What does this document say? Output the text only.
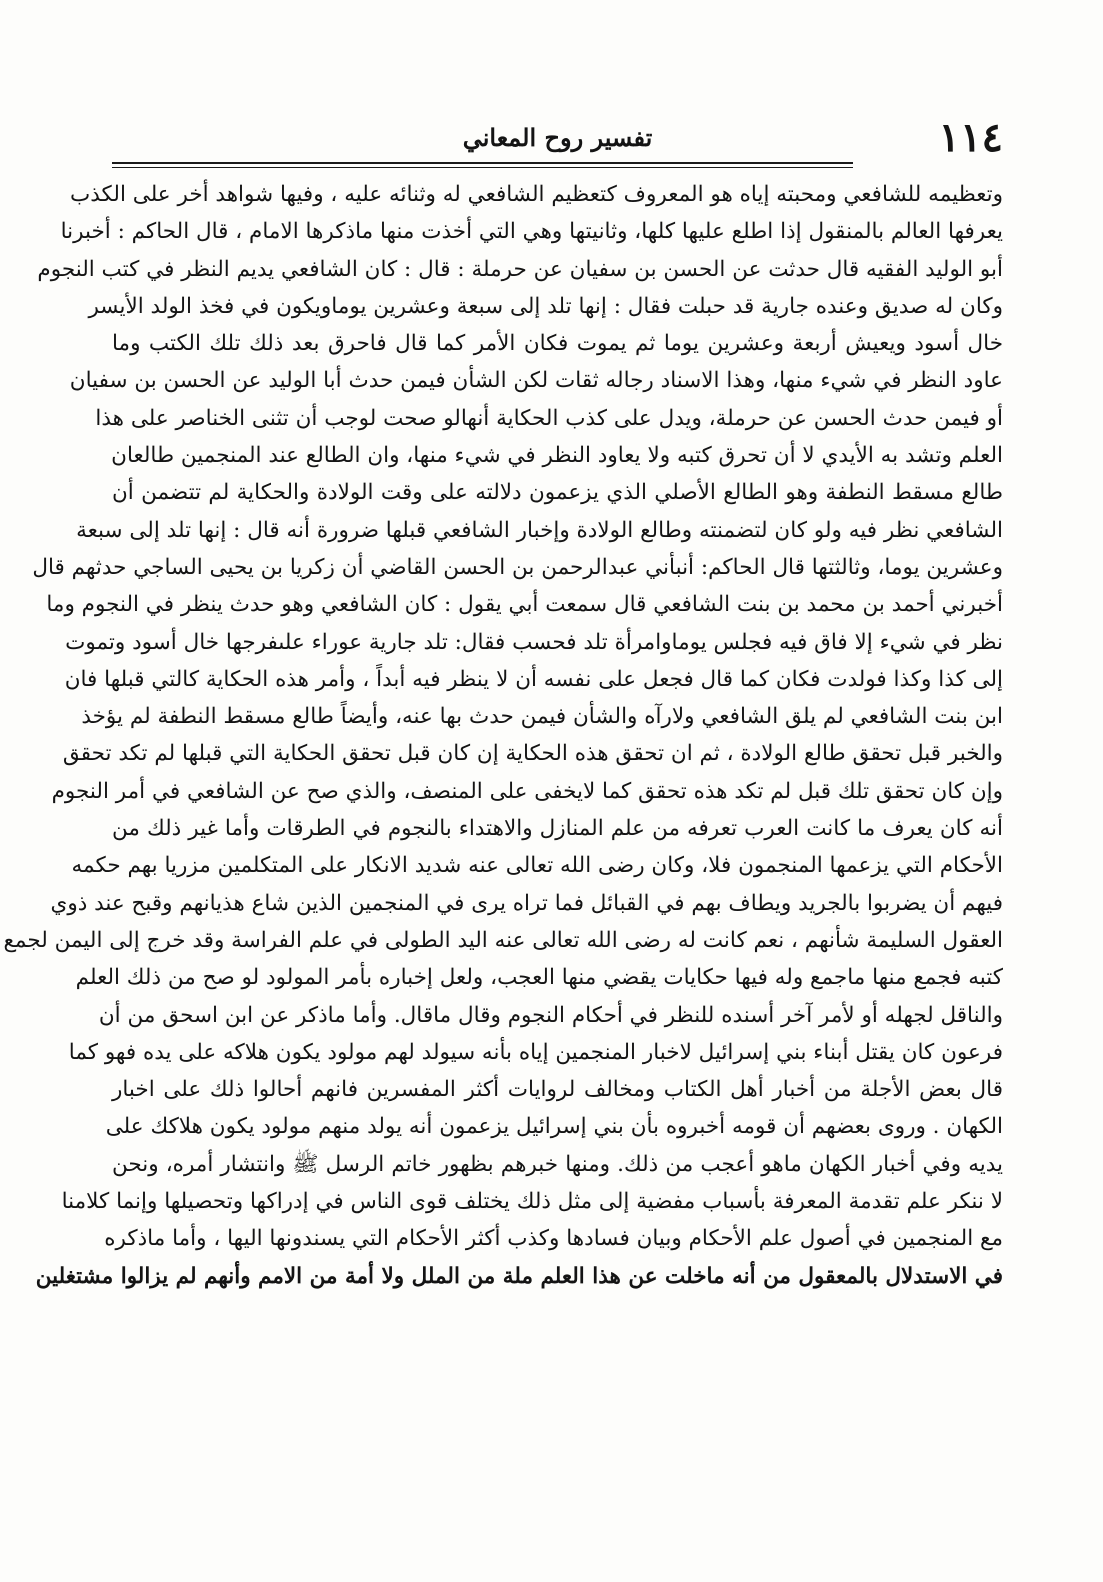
١١٤
تفسير روح المعاني
وتعظيمه للشافعي ومحبته إياه هو المعروف كتعظيم الشافعي له وثنائه عليه ، وفيها شواهد أخر على الكذب
يعرفها العالم بالمنقول إذا اطلع عليها كلها، وثانيتها وهي التي أخذت منها ماذكرها الامام ، قال الحاكم : أخبرنا
أبو الوليد الفقيه قال حدثت عن الحسن بن سفيان عن حرملة : قال : كان الشافعي يديم النظر في كتب النجوم
وكان له صديق وعنده جارية قد حبلت فقال : إنها تلد إلى سبعة وعشرين يوماويكون في فخذ الولد الأيسر
خال أسود ويعيش أربعة وعشرين يوما ثم يموت فكان الأمر كما قال فاحرق بعد ذلك تلك الكتب وما
عاود النظر في شيء منها، وهذا الاسناد رجاله ثقات لكن الشأن فيمن حدث أبا الوليد عن الحسن بن سفيان
أو فيمن حدث الحسن عن حرملة، ويدل على كذب الحكاية أنهالو صحت لوجب أن تثنى الخناصر على هذا
العلم وتشد به الأيدي لا أن تحرق كتبه ولا يعاود النظر في شيء منها، وان الطالع عند المنجمين طالعان
طالع مسقط النطفة وهو الطالع الأصلي الذي يزعمون دلالته على وقت الولادة والحكاية لم تتضمن أن
الشافعي نظر فيه ولو كان لتضمنته وطالع الولادة وإخبار الشافعي قبلها ضرورة أنه قال : إنها تلد إلى سبعة
وعشرين يوما، وثالثتها قال الحاكم: أنبأني عبدالرحمن بن الحسن القاضي أن زكريا بن يحيى الساجي حدثهم قال
أخبرني أحمد بن محمد بن بنت الشافعي قال سمعت أبي يقول : كان الشافعي وهو حدث ينظر في النجوم وما
نظر في شيء إلا فاق فيه فجلس يوماوامرأة تلد فحسب فقال: تلد جارية عوراء علىفرجها خال أسود وتموت
إلى كذا وكذا فولدت فكان كما قال فجعل على نفسه أن لا ينظر فيه أبداً ، وأمر هذه الحكاية كالتي قبلها فان
ابن بنت الشافعي لم يلق الشافعي ولارآه والشأن فيمن حدث بها عنه، وأيضاً طالع مسقط النطفة لم يؤخذ
والخبر قبل تحقق طالع الولادة ، ثم ان تحقق هذه الحكاية إن كان قبل تحقق الحكاية التي قبلها لم تكد تحقق
وإن كان تحقق تلك قبل لم تكد هذه تحقق كما لايخفى على المنصف، والذي صح عن الشافعي في أمر النجوم
أنه كان يعرف ما كانت العرب تعرفه من علم المنازل والاهتداء بالنجوم في الطرقات وأما غير ذلك من
الأحكام التي يزعمها المنجمون فلا، وكان رضى الله تعالى عنه شديد الانكار على المتكلمين مزريا بهم حكمه
فيهم أن يضربوا بالجريد ويطاف بهم في القبائل فما تراه يرى في المنجمين الذين شاع هذيانهم وقبح عند ذوي
العقول السليمة شأنهم ، نعم كانت له رضى الله تعالى عنه اليد الطولى في علم الفراسة وقد خرج إلى اليمن لجمع
كتبه فجمع منها ماجمع وله فيها حكايات يقضي منها العجب، ولعل إخباره بأمر المولود لو صح من ذلك العلم
والناقل لجهله أو لأمر آخر أسنده للنظر في أحكام النجوم وقال ماقال. وأما ماذكر عن ابن اسحق من أن
فرعون كان يقتل أبناء بني إسرائيل لاخبار المنجمين إياه بأنه سيولد لهم مولود يكون هلاكه على يده فهو كما
قال بعض الأجلة من أخبار أهل الكتاب ومخالف لروايات أكثر المفسرين فانهم أحالوا ذلك على اخبار
الكهان . وروى بعضهم أن قومه أخبروه بأن بني إسرائيل يزعمون أنه يولد منهم مولود يكون هلاكك على
يديه وفي أخبار الكهان ماهو أعجب من ذلك. ومنها خبرهم بظهور خاتم الرسل ﷺ وانتشار أمره، ونحن
لا ننكر علم تقدمة المعرفة بأسباب مفضية إلى مثل ذلك يختلف قوى الناس في إدراكها وتحصيلها وإنما كلامنا
مع المنجمين في أصول علم الأحكام وبيان فسادها وكذب أكثر الأحكام التي يسندونها اليها ، وأما ماذكره
في الاستدلال بالمعقول من أنه ماخلت عن هذا العلم ملة من الملل ولا أمة من الامم وأنهم لم يزالوا مشتغلين
